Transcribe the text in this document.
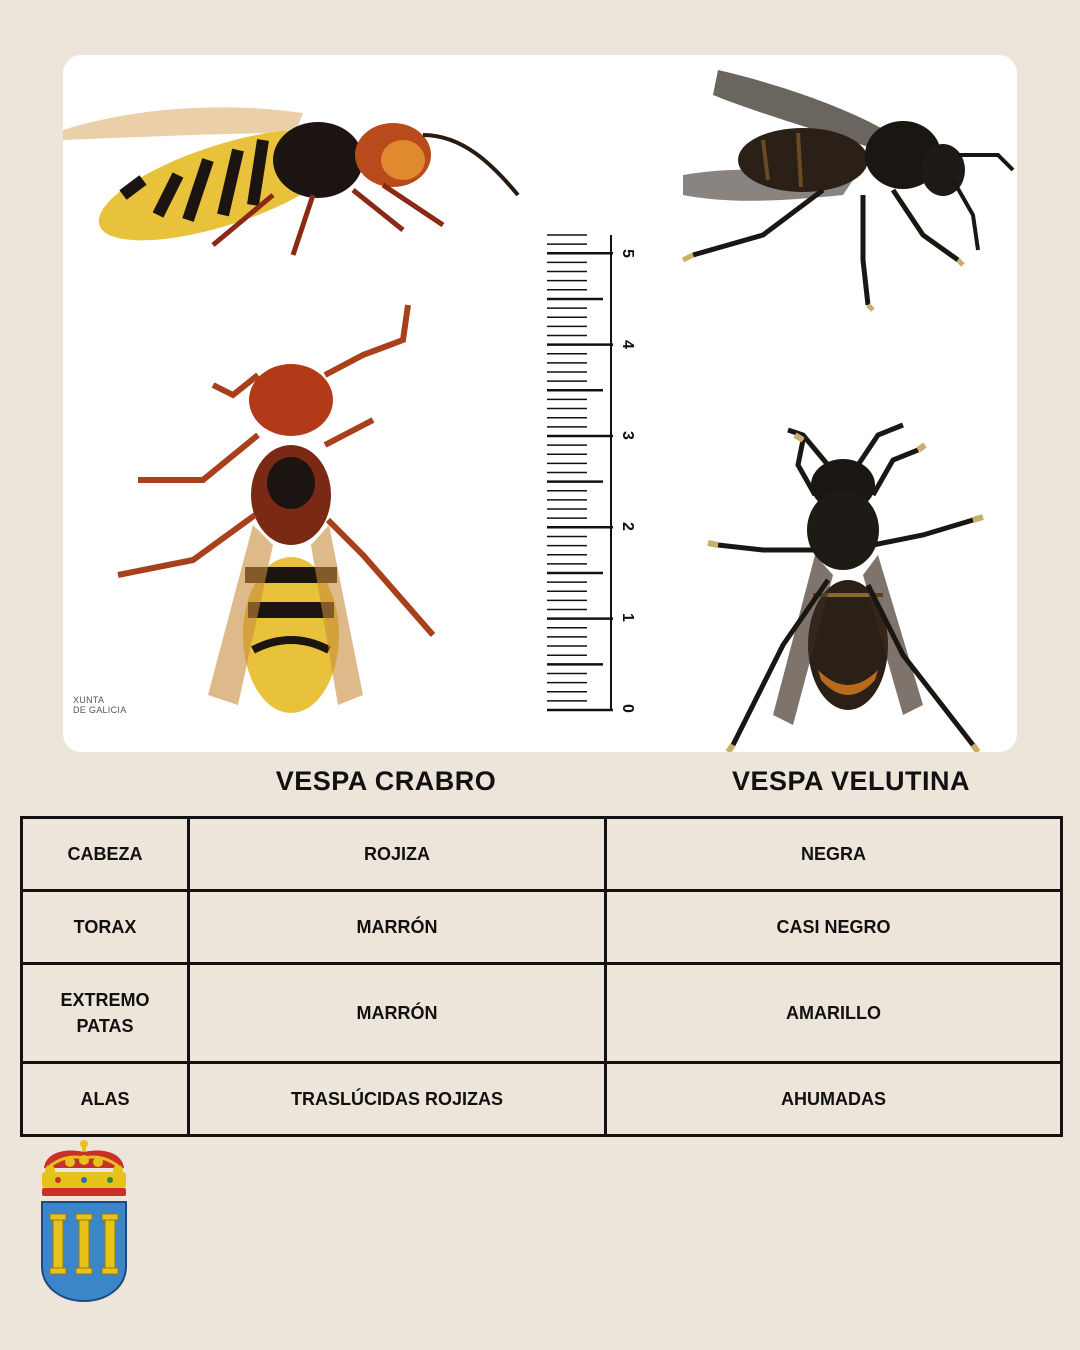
0
1
2
3
4
5
XUNTA
DE GALICIA
VESPA CRABRO	VESPA VELUTINA
CABEZA	ROJIZA	NEGRA
TORAX	MARRÓN	CASI NEGRO

EXTREMO
PATAS	MARRÓN	AMARILLO
ALAS	TRASLÚCIDAS ROJIZAS	AHUMADAS
